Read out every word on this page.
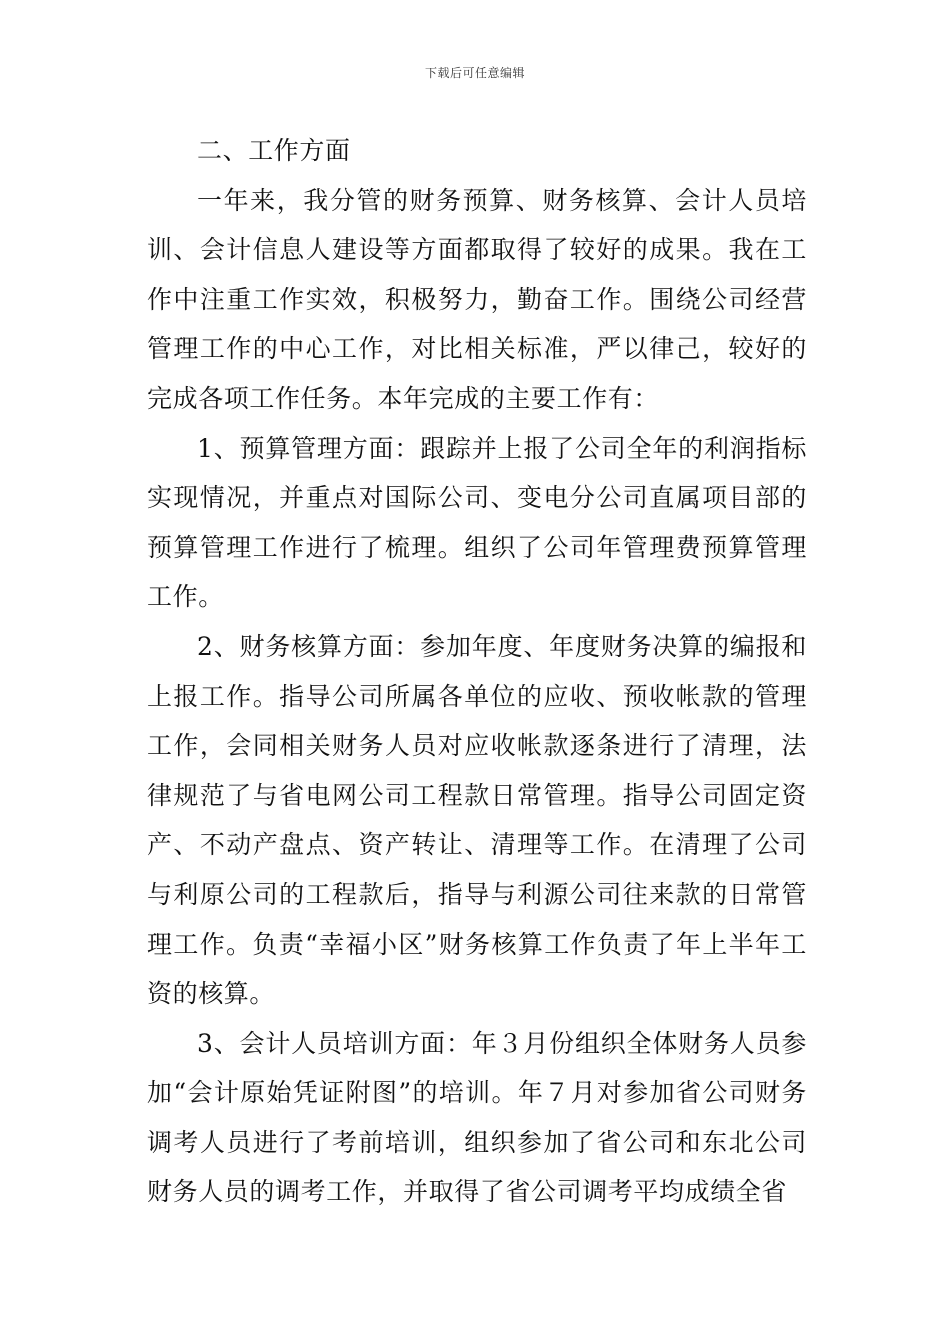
下载后可任意编辑

二、工作方面

一年来，我分管的财务预算、财务核算、会计人员培训、会计信息人建设等方面都取得了较好的成果。我在工作中注重工作实效，积极努力，勤奋工作。围绕公司经营管理工作的中心工作，对比相关标准，严以律己，较好的完成各项工作任务。本年完成的主要工作有：

1、预算管理方面：跟踪并上报了公司全年的利润指标实现情况，并重点对国际公司、变电分公司直属项目部的预算管理工作进行了梳理。组织了公司年管理费预算管理工作。

2、财务核算方面：参加年度、年度财务决算的编报和上报工作。指导公司所属各单位的应收、预收帐款的管理工作，会同相关财务人员对应收帐款逐条进行了清理，法律规范了与省电网公司工程款日常管理。指导公司固定资产、不动产盘点、资产转让、清理等工作。在清理了公司与利原公司的工程款后，指导与利源公司往来款的日常管理工作。负责“幸福小区”财务核算工作负责了年上半年工资的核算。

3、会计人员培训方面：年３月份组织全体财务人员参加“会计原始凭证附图”的培训。年７月对参加省公司财务调考人员进行了考前培训，组织参加了省公司和东北公司财务人员的调考工作，并取得了省公司调考平均成绩全省
